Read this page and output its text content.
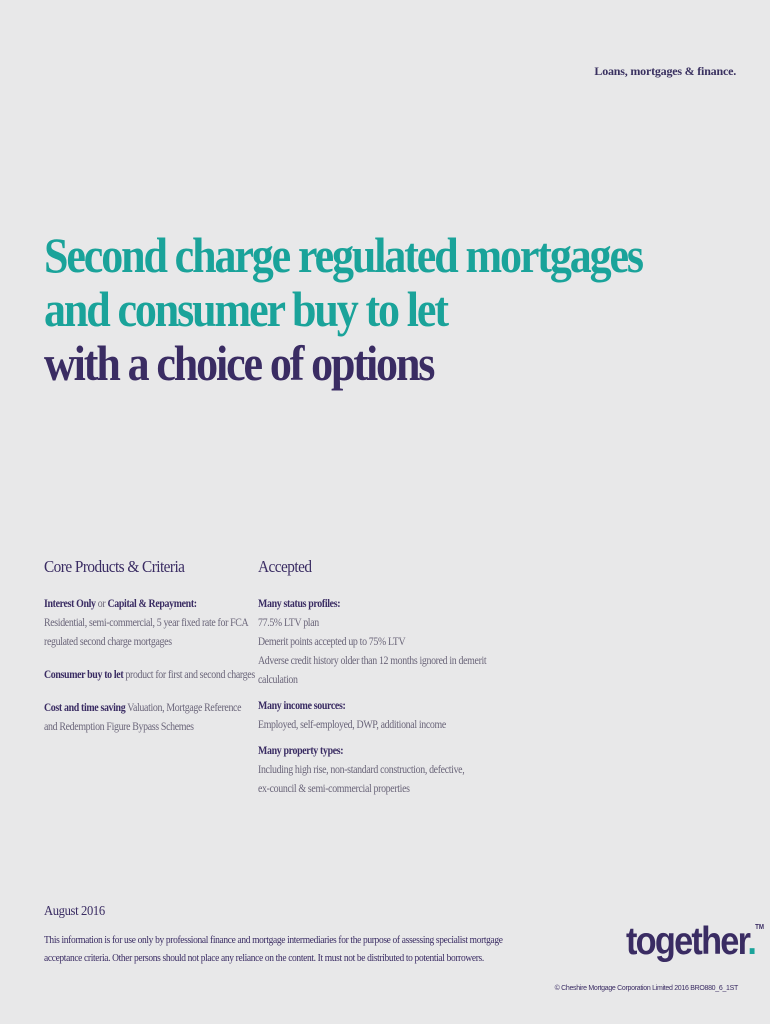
Loans, mortgages & finance.
Second charge regulated mortgages
and consumer buy to let
with a choice of options
Core Products & Criteria
Interest Only or Capital & Repayment:
Residential, semi-commercial, 5 year fixed rate for FCA
regulated second charge mortgages
Consumer buy to let product for first and second charges
Cost and time saving Valuation, Mortgage Reference
and Redemption Figure Bypass Schemes
Accepted
Many status profiles:
77.5% LTV plan
Demerit points accepted up to 75% LTV
Adverse credit history older than 12 months ignored in demerit
calculation
Many income sources:
Employed, self-employed, DWP, additional income
Many property types:
Including high rise, non-standard construction, defective,
ex-council & semi-commercial properties
August 2016
This information is for use only by professional finance and mortgage intermediaries for the purpose of assessing specialist mortgage
acceptance criteria. Other persons should not place any reliance on the content. It must not be distributed to potential borrowers.	together.™
© Cheshire Mortgage Corporation Limited 2016 BRO880_6_1ST
